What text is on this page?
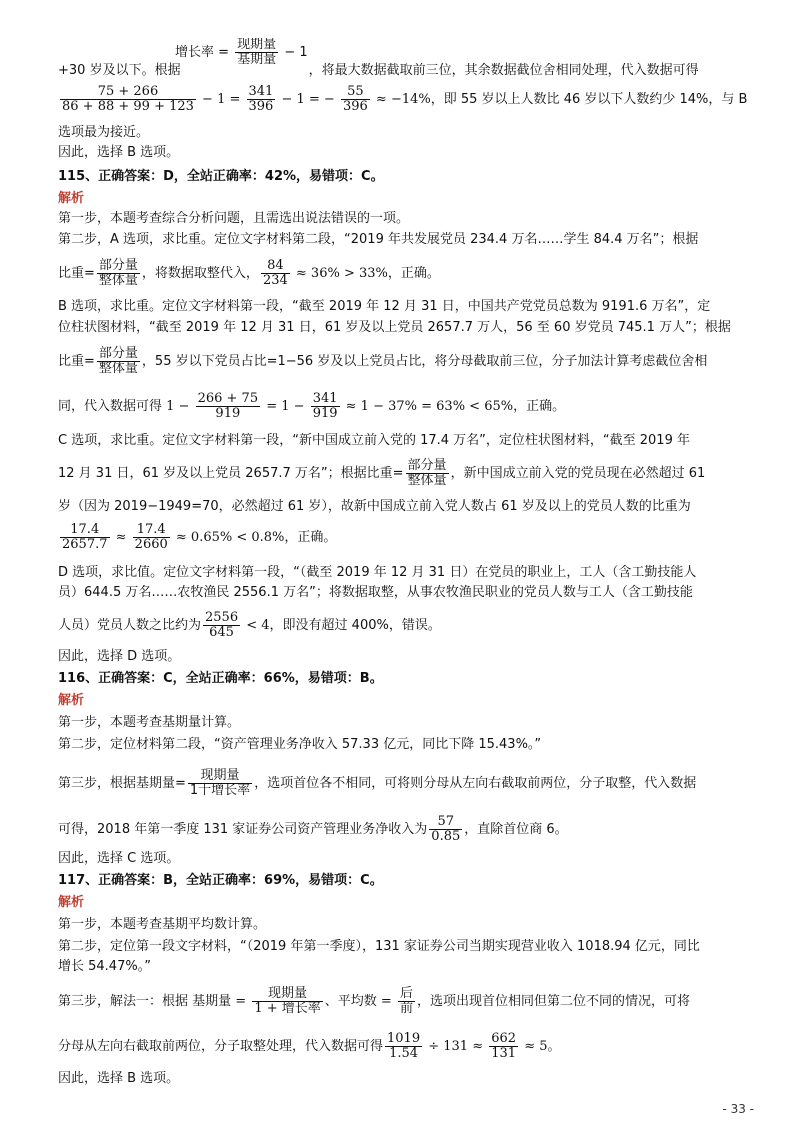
增长率 = $\frac{\text{现期量}}{\text{基期量}} - 1$
+30 岁及以下。根据	，将最大数据截取前三位，其余数据截位舍相同处理，代入数据可得
$\frac{75 + 266}{86 + 88 + 99 + 123} - 1 = \frac{341}{396} - 1$ = − $\frac{55}{396} \approx -14\%$，即 55 岁以上人数比 46 岁以下人数约少 14%，与 B
选项最为接近。
因此，选择 B 选项。
115、正确答案：D，全站正确率：42%，易错项：C。
解析
第一步，本题考查综合分析问题，且需选出说法错误的一项。
第二步，A 选项，求比重。定位文字材料第二段，“2019 年共发展党员 234.4 万名……学生 84.4 万名”；根据
比重= $\frac{\text{部分量}}{\text{整体量}}$ ，将数据取整代入， $\frac{84}{234} \approx 36\% > 33\%$，正确。
B 选项，求比重。定位文字材料第一段，“截至 2019 年 12 月 31 日，中国共产党党员总数为 9191.6 万名”，定
位柱状图材料，“截至 2019 年 12 月 31 日，61 岁及以上党员 2657.7 万人，56 至 60 岁党员 745.1 万人”；根据
比重= $\frac{\text{部分量}}{\text{整体量}}$ ，55 岁以下党员占比=1−56 岁及以上党员占比，将分母截取前三位，分子加法计算考虑截位舍相
同，代入数据可得 $1 - \frac{266 + 75}{919} = 1 - \frac{341}{919} \approx 1 - 37\% = 63\% < 65\%$，正确。
C 选项，求比重。定位文字材料第一段，“新中国成立前入党的 17.4 万名”，定位柱状图材料，“截至 2019 年
12 月 31 日，61 岁及以上党员 2657.7 万名”；根据比重= $\frac{\text{部分量}}{\text{整体量}}$ ，新中国成立前入党的党员现在必然超过 61
岁（因为 2019−1949=70，必然超过 61 岁），故新中国成立前入党人数占 61 岁及以上的党员人数的比重为
$\frac{17.4}{2657.7} \approx \frac{17.4}{2660} \approx 0.65\% < 0.8\%$，正确。
D 选项，求比值。定位文字材料第一段，“（截至 2019 年 12 月 31 日）在党员的职业上，工人（含工勤技能人
员）644.5 万名……农牧渔民 2556.1 万名”；将数据取整，从事农牧渔民职业的党员人数与工人（含工勤技能
人员）党员人数之比约为 $\frac{2556}{645} < 4$，即没有超过 400%，错误。
因此，选择 D 选项。
116、正确答案：C，全站正确率：66%，易错项：B。
解析
第一步，本题考查基期量计算。
第二步，定位材料第二段，“资产管理业务净收入 57.33 亿元，同比下降 15.43%。”
第三步，根据基期量= $\frac{\text{现期量}}{\text{1十增长率}}$ ，选项首位各不相同，可将则分母从左向右截取前两位，分子取整，代入数据
可得，2018 年第一季度 131 家证券公司资产管理业务净收入为 $\frac{57}{0.85}$ ，直除首位商 6。
因此，选择 C 选项。
117、正确答案：B，全站正确率：69%，易错项：C。
解析
第一步，本题考查基期平均数计算。
第二步，定位第一段文字材料，“（2019 年第一季度），131 家证券公司当期实现营业收入 1018.94 亿元，同比
增长 54.47%。”
第三步，解法一：根据 基期量 = $\frac{\text{现期量}}{\text{1 + 增长率}}$ 、平均数 = $\frac{\text{后}}{\text{前}}$ ，选项出现首位相同但第二位不同的情况，可将
分母从左向右截取前两位，分子取整处理，代入数据可得 $\frac{1019}{1.54} \div 131 \approx \frac{662}{131} \approx 5$。
因此，选择 B 选项。
- 33 -
